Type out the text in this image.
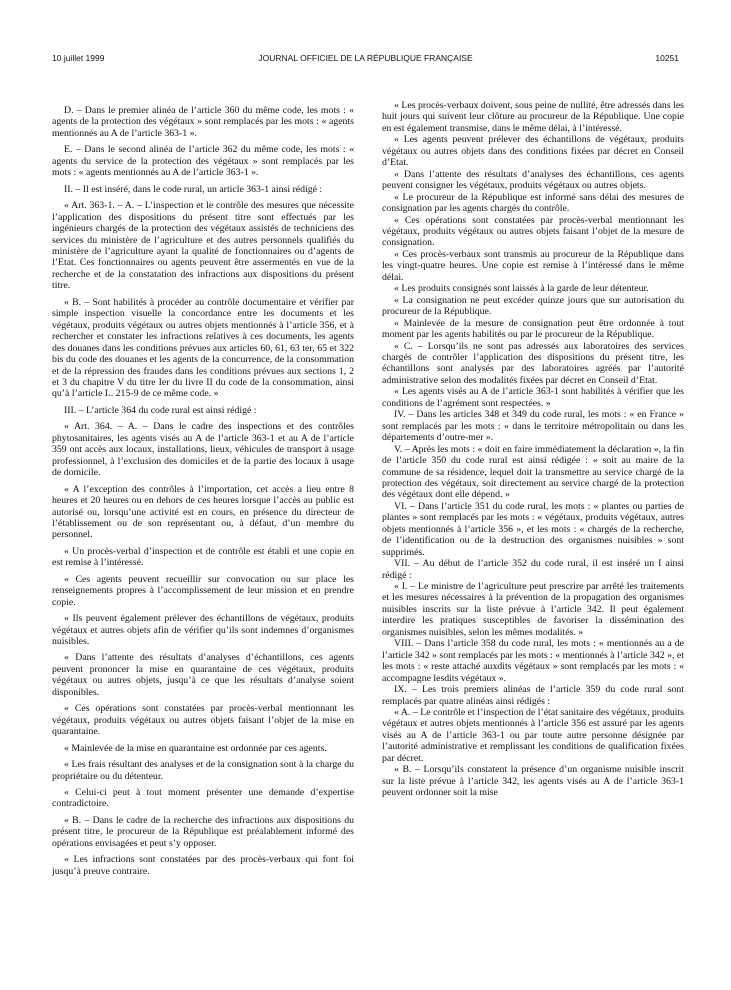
10 juillet 1999	JOURNAL OFFICIEL DE LA RÉPUBLIQUE FRANÇAISE	10251

D. – Dans le premier alinéa de l’article 360 du même code, les mots : « agents de la protection des végétaux » sont remplacés par les mots : « agents mentionnés au A de l’article 363-1 ».

E. – Dans le second alinéa de l’article 362 du même code, les mots : « agents du service de la protection des végétaux » sont remplacés par les mots : « agents mentionnés au A de l’article 363-1 ».

II. – Il est inséré, dans le code rural, un article 363-1 ainsi rédigé :

« Art. 363-1. – A. – L’inspection et le contrôle des mesures que nécessite l’application des dispositions du présent titre sont effectués par les ingénieurs chargés de la protection des végétaux assistés de techniciens des services du ministère de l’agriculture et des autres personnels qualifiés du ministère de l’agriculture ayant la qualité de fonctionnaires ou d’agents de l’Etat. Ces fonctionnaires ou agents peuvent être assermentés en vue de la recherche et de la constatation des infractions aux dispositions du présent titre.

« B. – Sont habilités à procéder au contrôle documentaire et vérifier par simple inspection visuelle la concordance entre les documents et les végétaux, produits végétaux ou autres objets mentionnés à l’article 356, et à rechercher et constater les infractions relatives à ces documents, les agents des douanes dans les conditions prévues aux articles 60, 61, 63 ter, 65 et 322 bis du code des douanes et les agents de la concurrence, de la consommation et de la répression des fraudes dans les conditions prévues aux sections 1, 2 et 3 du chapitre V du titre Ier du livre II du code de la consommation, ainsi qu’à l’article L. 215-9 de ce même code. »

III. – L’article 364 du code rural est ainsi rédigé :

« Art. 364. – A. – Dans le cadre des inspections et des contrôles phytosanitaires, les agents visés au A de l’article 363-1 et au A de l’article 359 ont accès aux locaux, installations, lieux, véhicules de transport à usage professionnel, à l’exclusion des domiciles et de la partie des locaux à usage de domicile.

« A l’exception des contrôles à l’importation, cet accès a lieu entre 8 heures et 20 heures ou en dehors de ces heures lorsque l’accès au public est autorisé ou, lorsqu’une activité est en cours, en présence du directeur de l’établissement ou de son représentant ou, à défaut, d’un membre du personnel.

« Un procès-verbal d’inspection et de contrôle est établi et une copie en est remise à l’intéressé.

« Ces agents peuvent recueillir sur convocation ou sur place les renseignements propres à l’accomplissement de leur mission et en prendre copie.

« Ils peuvent également prélever des échantillons de végétaux, produits végétaux et autres objets afin de vérifier qu’ils sont indemnes d’organismes nuisibles.

« Dans l’attente des résultats d’analyses d’échantillons, ces agents peuvent prononcer la mise en quarantaine de ces végétaux, produits végétaux ou autres objets, jusqu’à ce que les résultats d’analyse soient disponibles.

« Ces opérations sont constatées par procès-verbal mentionnant les végétaux, produits végétaux ou autres objets faisant l’objet de la mise en quarantaine.

« Mainlevée de la mise en quarantaine est ordonnée par ces agents.

« Les frais résultant des analyses et de la consignation sont à la charge du propriétaire ou du détenteur.

« Celui-ci peut à tout moment présenter une demande d’expertise contradictoire.

« B. – Dans le cadre de la recherche des infractions aux dispositions du présent titre, le procureur de la République est préalablement informé des opérations envisagées et peut s’y opposer.

« Les infractions sont constatées par des procès-verbaux qui font foi jusqu’à preuve contraire.

« Les procès-verbaux doivent, sous peine de nullité, être adressés dans les huit jours qui suivent leur clôture au procureur de la République. Une copie en est également transmise, dans le même délai, à l’intéressé.

« Les agents peuvent prélever des échantillons de végétaux, produits végétaux ou autres objets dans des conditions fixées par décret en Conseil d’Etat.

« Dans l’attente des résultats d’analyses des échantillons, ces agents peuvent consigner les végétaux, produits végétaux ou autres objets.

« Le procureur de la République est informé sans délai des mesures de consignation par les agents chargés du contrôle.

« Ces opérations sont constatées par procès-verbal mentionnant les végétaux, produits végétaux ou autres objets faisant l’objet de la mesure de consignation.

« Ces procès-verbaux sont transmis au procureur de la République dans les vingt-quatre heures. Une copie est remise à l’intéressé dans le même délai.

« Les produits consignés sont laissés à la garde de leur détenteur.

« La consignation ne peut excéder quinze jours que sur autorisation du procureur de la République.

« Mainlevée de la mesure de consignation peut être ordonnée à tout moment par les agents habilités ou par le procureur de la République.

« C. – Lorsqu’ils ne sont pas adressés aux laboratoires des services chargés de contrôler l’application des dispositions du présent titre, les échantillons sont analysés par des laboratoires agréés par l’autorité administrative selon des modalités fixées par décret en Conseil d’Etat.

« Les agents visés au A de l’article 363-1 sont habilités à vérifier que les conditions de l’agrément sont respectées. »

IV. – Dans les articles 348 et 349 du code rural, les mots : « en France » sont remplacés par les mots : « dans le territoire métropolitain ou dans les départements d’outre-mer ».

V. – Après les mots : « doit en faire immédiatement la déclaration », la fin de l’article 350 du code rural est ainsi rédigée : « soit au maire de la commune de sa résidence, lequel doit la transmettre au service chargé de la protection des végétaux, soit directement au service chargé de la protection des végétaux dont elle dépend. »

VI. – Dans l’article 351 du code rural, les mots : « plantes ou parties de plantes » sont remplacés par les mots : « végétaux, produits végétaux, autres objets mentionnés à l’article 356 », et les mots : « chargés de la recherche, de l’identification ou de la destruction des organismes nuisibles » sont supprimés.

VII. – Au début de l’article 352 du code rural, il est inséré un I ainsi rédigé :

« I. – Le ministre de l’agriculture peut prescrire par arrêté les traitements et les mesures nécessaires à la prévention de la propagation des organismes nuisibles inscrits sur la liste prévue à l’article 342. Il peut également interdire les pratiques susceptibles de favoriser la dissémination des organismes nuisibles, selon les mêmes modalités. »

VIII. – Dans l’article 358 du code rural, les mots : « mentionnés au a de l’article 342 » sont remplacés par les mots : « mentionnés à l’article 342 », et les mots : « reste attaché auxdits végétaux » sont remplacés par les mots : « accompagne lesdits végétaux ».

IX. – Les trois premiers alinéas de l’article 359 du code rural sont remplacés par quatre alinéas ainsi rédigés :

« A. – Le contrôle et l’inspection de l’état sanitaire des végétaux, produits végétaux et autres objets mentionnés à l’article 356 est assuré par les agents visés au A de l’article 363-1 ou par toute autre personne désignée par l’autorité administrative et remplissant les conditions de qualification fixées par décret.

« B. – Lorsqu’ils constatent la présence d’un organisme nuisible inscrit sur la liste prévue à l’article 342, les agents visés au A de l’article 363-1 peuvent ordonner soit la mise
